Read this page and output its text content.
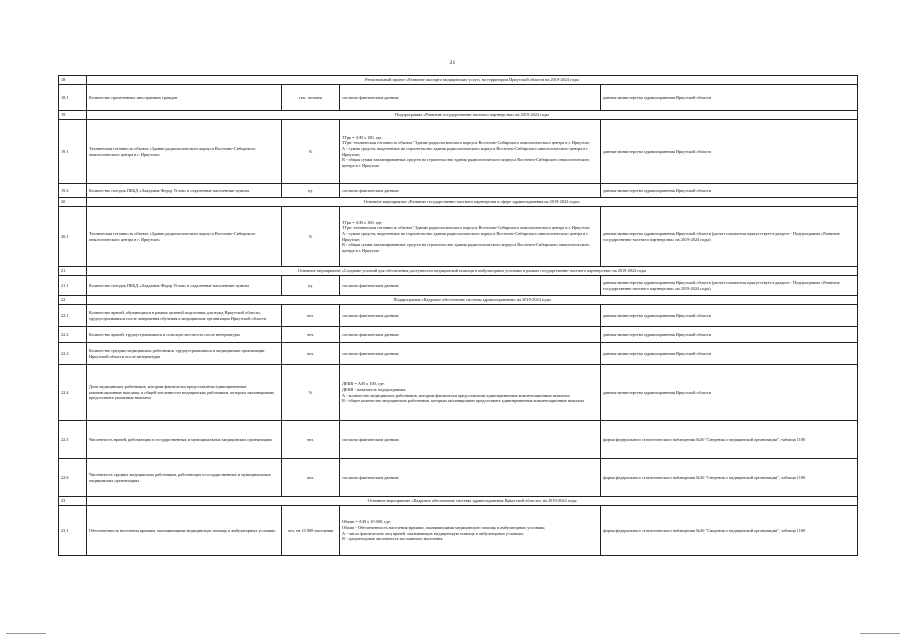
21
18	Региональный проект «Развитие экспорта медицинских услуг» на территории Иркутской области на 2019-2024 годы			
18.1	Количество пролеченных иностранных граждан	тыс. человек	согласно фактическим данным	данные министерства здравоохранения Иркутской области
19	Подпрограмма «Развитие государственно-частного партнерства» на 2019-2024 годы			
19.1	Техническая готовность объекта «Здание радиологического корпуса Восточно-Сибирского онкологического центра в г. Иркутске»	%	ТГрк = А/В х 100, где:
ТГрк- техническая готовность объекта "Здание радиологического корпуса Восточно-Сибирского онкологического центра в г. Иркутске;
А - сумма средств, выделенных на строительство здания радиологического корпуса Восточно-Сибирского онкологического центра в г. Иркутске;
В - общая сумма запланированных средств на строительство здания радиологического корпуса Восточно-Сибирского онкологического центра в г. Иркутске	данные министерства здравоохранения Иркутской области
19.2	Количество поездок ПКБД «Академик Федор Углов» в отдаленные населенные пункты	ед.	согласно фактическим данным	данные министерства здравоохранения Иркутской области
20	Основное мероприятие «Развитие государственно-частного партнерства в сфере здравоохранения на 2019-2022 годы»			
20.1	Техническая готовность объекта «Здание радиологического корпуса Восточно-Сибирского онкологического центра в г. Иркутске»	%	ТГрк = А/В х 100, где:
ТГрк- техническая готовность объекта "Здание радиологического корпуса Восточно-Сибирского онкологического центра в г. Иркутске;
А - сумма средств, выделенных на строительство здания радиологического корпуса Восточно-Сибирского онкологического центра в г. Иркутске;
В - общая сумма запланированных средств на строительство здания радиологического корпуса Восточно-Сибирского онкологического центра в г. Иркутске	данные министерства здравоохранения Иркутской области (расчет показателя присутствует в разделе - Подпрограмма «Развитие государственно-частного партнерства» на 2019-2024 годы)
21	Основное мероприятие «Создание условий для обеспечения доступности медицинской помощи в амбулаторных условиях в рамках государственно-частного партнерства» на 2019-2024 годы			
21.1	Количество поездок ПКБД «Академик Федор Углов» в отдаленные населенные пункты	ед.	согласно фактическим данным	данные министерства здравоохранения Иркутской области (расчет показателя присутствует в разделе - Подпрограмма «Развитие государственно-частного партнерства» на 2019-2024 годы)
22	Подпрограмма «Кадровое обеспечение системы здравоохранения» на 2019-2024 годы			
22.1	Количество врачей, обучающихся в рамках целевой подготовки для нужд Иркутской области, трудоустроившихся после завершения обучения в медицинские организации Иркутской области	чел.	согласно фактическим данным	данные министерства здравоохранения Иркутской области
22.2	Количество врачей, трудоустроившихся в сельскую местность после интернатуры	чел.	согласно фактическим данным	данные министерства здравоохранения Иркутской области
22.3	Количество средних медицинских работников, трудоустроившихся в медицинские организации Иркутской области после интернатуры	чел.	согласно фактическим данным	данные министерства здравоохранения Иркутской области
22.4	Доля медицинских работников, которым фактически предоставлены единовременные компенсационные выплаты, в общей численности медицинских работников, которым запланировано предоставить указанные выплаты	%	ДЕКВ = А/В х 100, где:
ДЕКВ - показатель подпрограммы;
А - количество медицинских работников, которым фактически предоставлены единовременные компенсационные выплаты;
В - общее количество медицинских работников, которым запланировано предоставить единовременные компенсационные выплаты	данные министерства здравоохранения Иркутской области
22.5	Численность врачей, работающих в государственных и муниципальных медицинских организациях	чел.	согласно фактическим данным	форма федерального статистического наблюдения №30 "Сведения о медицинской организации", таблица 1100
22.6	Численность средних медицинских работников, работающих в государственных и муниципальных медицинских организациях	чел.	согласно фактическим данным	форма федерального статистического наблюдения №30 "Сведения о медицинской организации", таблица 1100
23	Основное мероприятие «Кадровое обеспечение системы здравоохранения Иркутской области» на 2019-2024 годы			
23.1	Обеспеченность населения врачами, оказывающими медицинскую помощь в амбулаторных условиях	чел. на 10 000 населения	Обамп = А/В х 10 000, где:
Обамп - Обеспеченность населения врачами, оказывающими медицинскую помощь в амбулаторных условиях;
А - число фактических лиц врачей, оказывающих медицинскую помощь в амбулаторных условиях;
В - среднегодовая численность постоянного населения	форма федерального статистического наблюдения №30 "Сведения о медицинской организации", таблица 1100
